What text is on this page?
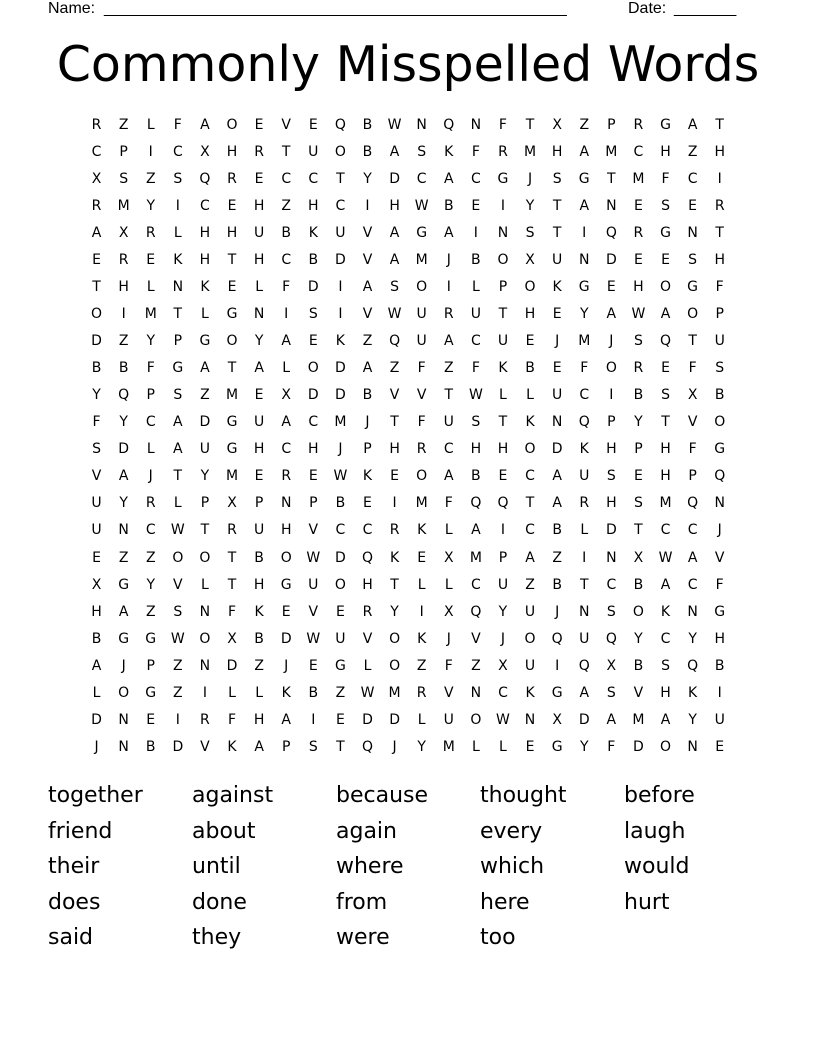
Name: ____________________________________________________	Date: _______
Commonly Misspelled Words
R	Z	L	F	A	O	E	V	E	Q	B	W	N	Q	N	F	T	X	Z	P	R	G	A	T
C	P	I	C	X	H	R	T	U	O	B	A	S	K	F	R	M	H	A	M	C	H	Z	H
X	S	Z	S	Q	R	E	C	C	T	Y	D	C	A	C	G	J	S	G	T	M	F	C	I
R	M	Y	I	C	E	H	Z	H	C	I	H	W	B	E	I	Y	T	A	N	E	S	E	R
A	X	R	L	H	H	U	B	K	U	V	A	G	A	I	N	S	T	I	Q	R	G	N	T
E	R	E	K	H	T	H	C	B	D	V	A	M	J	B	O	X	U	N	D	E	E	S	H
T	H	L	N	K	E	L	F	D	I	A	S	O	I	L	P	O	K	G	E	H	O	G	F
O	I	M	T	L	G	N	I	S	I	V	W	U	R	U	T	H	E	Y	A	W	A	O	P
D	Z	Y	P	G	O	Y	A	E	K	Z	Q	U	A	C	U	E	J	M	J	S	Q	T	U
B	B	F	G	A	T	A	L	O	D	A	Z	F	Z	F	K	B	E	F	O	R	E	F	S
Y	Q	P	S	Z	M	E	X	D	D	B	V	V	T	W	L	L	U	C	I	B	S	X	B
F	Y	C	A	D	G	U	A	C	M	J	T	F	U	S	T	K	N	Q	P	Y	T	V	O
S	D	L	A	U	G	H	C	H	J	P	H	R	C	H	H	O	D	K	H	P	H	F	G
V	A	J	T	Y	M	E	R	E	W	K	E	O	A	B	E	C	A	U	S	E	H	P	Q
U	Y	R	L	P	X	P	N	P	B	E	I	M	F	Q	Q	T	A	R	H	S	M	Q	N
U	N	C	W	T	R	U	H	V	C	C	R	K	L	A	I	C	B	L	D	T	C	C	J
E	Z	Z	O	O	T	B	O	W	D	Q	K	E	X	M	P	A	Z	I	N	X	W	A	V
X	G	Y	V	L	T	H	G	U	O	H	T	L	L	C	U	Z	B	T	C	B	A	C	F
H	A	Z	S	N	F	K	E	V	E	R	Y	I	X	Q	Y	U	J	N	S	O	K	N	G
B	G	G	W	O	X	B	D	W	U	V	O	K	J	V	J	O	Q	U	Q	Y	C	Y	H
A	J	P	Z	N	D	Z	J	E	G	L	O	Z	F	Z	X	U	I	Q	X	B	S	Q	B
L	O	G	Z	I	L	L	K	B	Z	W	M	R	V	N	C	K	G	A	S	V	H	K	I
D	N	E	I	R	F	H	A	I	E	D	D	L	U	O	W	N	X	D	A	M	A	Y	U
J	N	B	D	V	K	A	P	S	T	Q	J	Y	M	L	L	E	G	Y	F	D	O	N	E
together	against	because	thought	before
friend	about	again	every	laugh
their	until	where	which	would
does	done	from	here	hurt
said	they	were	too
